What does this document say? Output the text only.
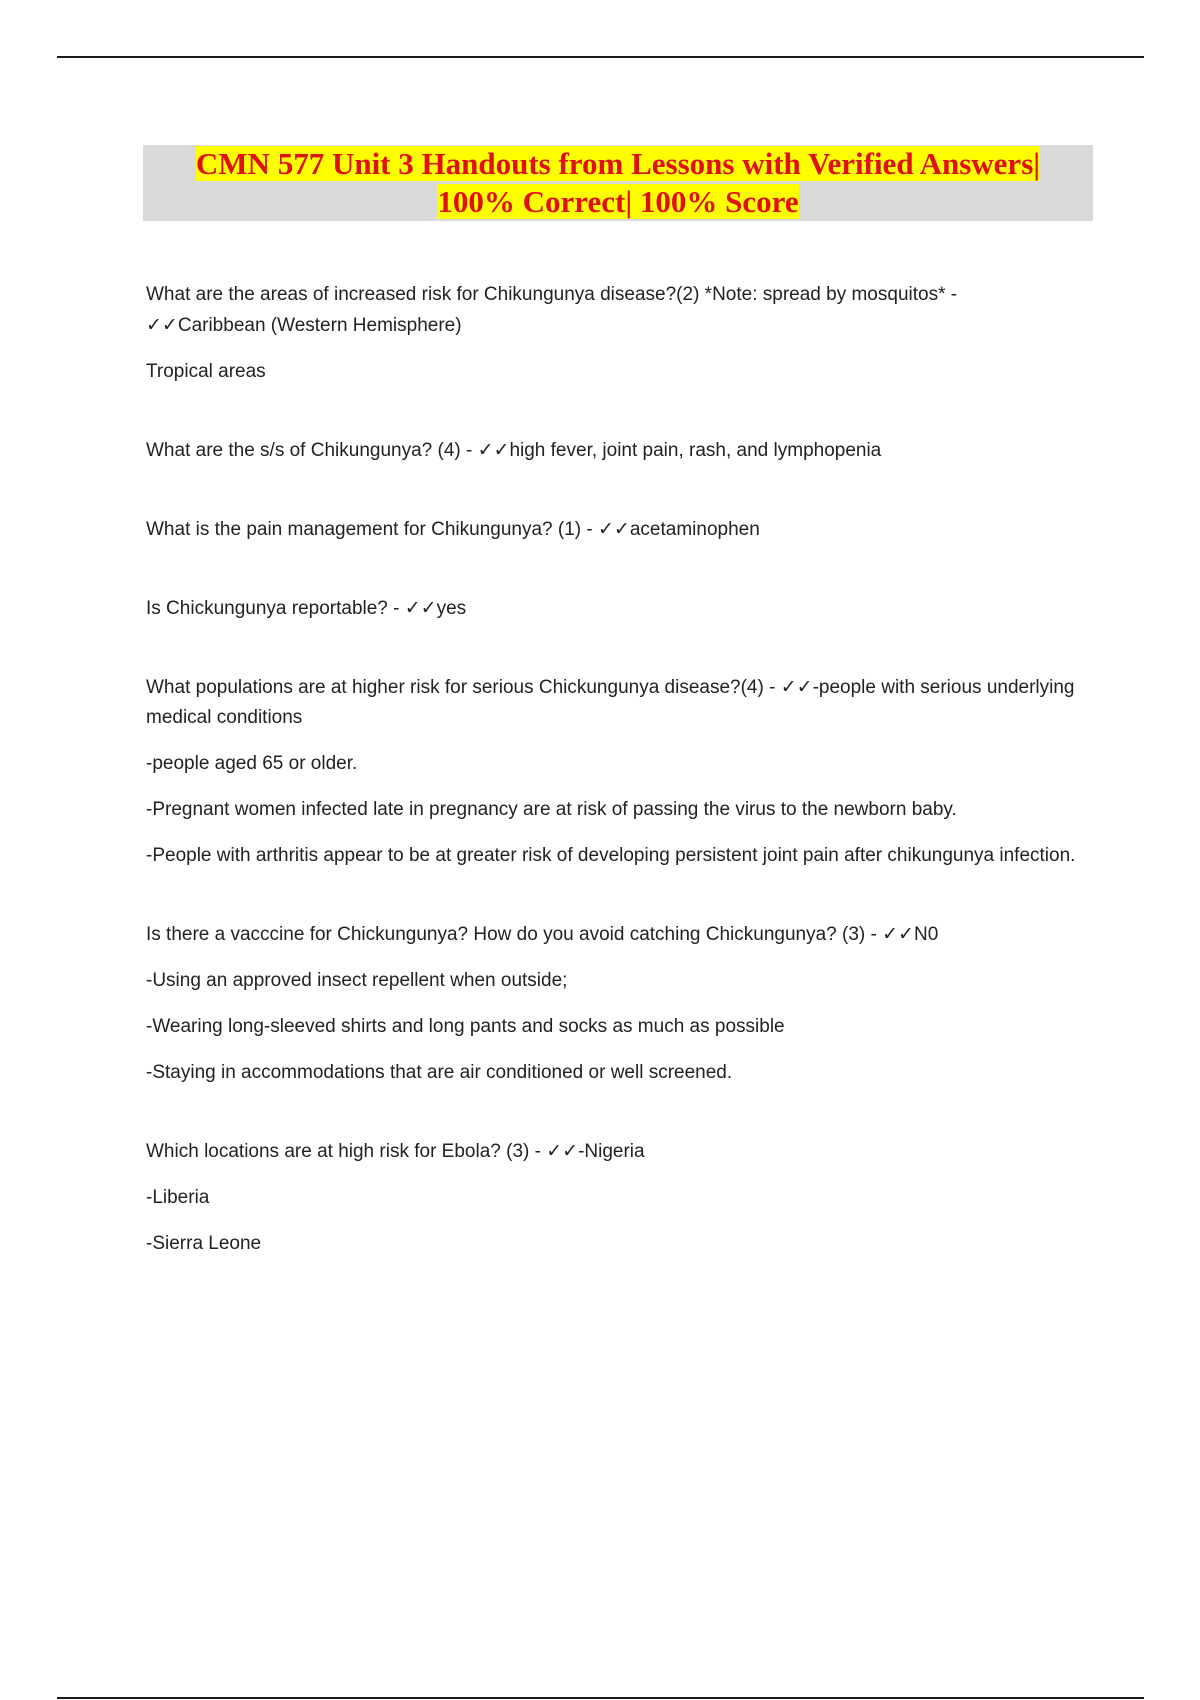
CMN 577 Unit 3 Handouts from Lessons with Verified Answers|
100% Correct| 100% Score

What are the areas of increased risk for Chikungunya disease?(2) *Note: spread by mosquitos* -
✓✓Caribbean (Western Hemisphere)

Tropical areas

What are the s/s of Chikungunya? (4) - ✓✓high fever, joint pain, rash, and lymphopenia

What is the pain management for Chikungunya? (1) - ✓✓acetaminophen

Is Chickungunya reportable? - ✓✓yes

What populations are at higher risk for serious Chickungunya disease?(4) - ✓✓-people with serious underlying medical conditions

-people aged 65 or older.

-Pregnant women infected late in pregnancy are at risk of passing the virus to the newborn baby.

-People with arthritis appear to be at greater risk of developing persistent joint pain after chikungunya infection.

Is there a vacccine for Chickungunya? How do you avoid catching Chickungunya? (3) - ✓✓N0

-Using an approved insect repellent when outside;

-Wearing long-sleeved shirts and long pants and socks as much as possible

-Staying in accommodations that are air conditioned or well screened.

Which locations are at high risk for Ebola? (3) - ✓✓-Nigeria

-Liberia

-Sierra Leone
